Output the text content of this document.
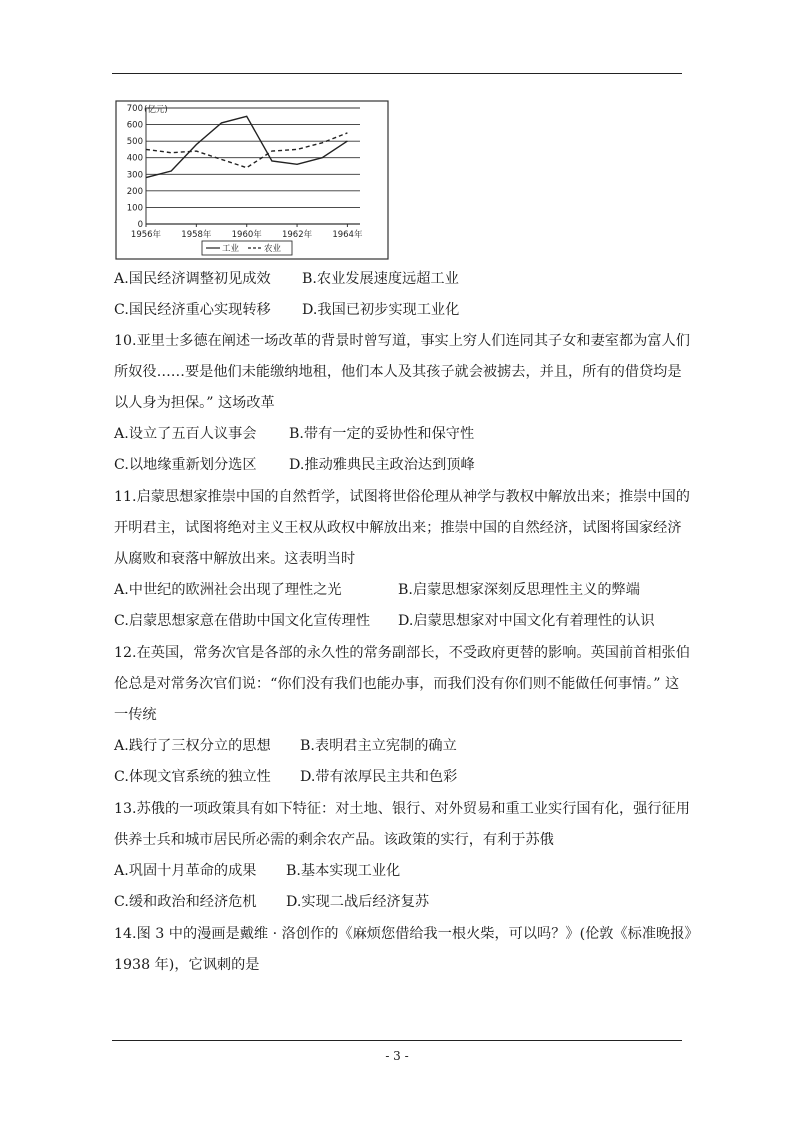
(亿元)
0
100
200
300
400
500
600
700
1956年 1958年 1960年 1962年 1964年
工业	农业
A.国民经济调整初见成效 B.农业发展速度远超工业
C.国民经济重心实现转移 D.我国已初步实现工业化
10.亚里士多德在阐述一场改革的背景时曾写道，事实上穷人们连同其子女和妻室都为富人们
所奴役……要是他们未能缴纳地租，他们本人及其孩子就会被掳去，并且，所有的借贷均是
以人身为担保。” 这场改革
A.设立了五百人议事会 B.带有一定的妥协性和保守性
C.以地缘重新划分选区 D.推动雅典民主政治达到顶峰
11.启蒙思想家推崇中国的自然哲学，试图将世俗伦理从神学与教权中解放出来；推崇中国的
开明君主，试图将绝对主义王权从政权中解放出来；推崇中国的自然经济，试图将国家经济
从腐败和衰落中解放出来。这表明当时
A.中世纪的欧洲社会出现了理性之光	B.启蒙思想家深刻反思理性主义的弊端
C.启蒙思想家意在借助中国文化宣传理性 D.启蒙思想家对中国文化有着理性的认识
12.在英国，常务次官是各部的永久性的常务副部长，不受政府更替的影响。英国前首相张伯
伦总是对常务次官们说：“你们没有我们也能办事，而我们没有你们则不能做任何事情。” 这
一传统
A.践行了三权分立的思想 B.表明君主立宪制的确立
C.体现文官系统的独立性 D.带有浓厚民主共和色彩
13.苏俄的一项政策具有如下特征：对土地、银行、对外贸易和重工业实行国有化，强行征用
供养士兵和城市居民所必需的剩余农产品。该政策的实行，有利于苏俄
A.巩固十月革命的成果 B.基本实现工业化
C.缓和政治和经济危机 D.实现二战后经济复苏
14.图 3 中的漫画是戴维 · 洛创作的《麻烦您借给我一根火柴，可以吗？》(伦敦《标准晚报》
1938 年)，它讽刺的是
- 3 -
